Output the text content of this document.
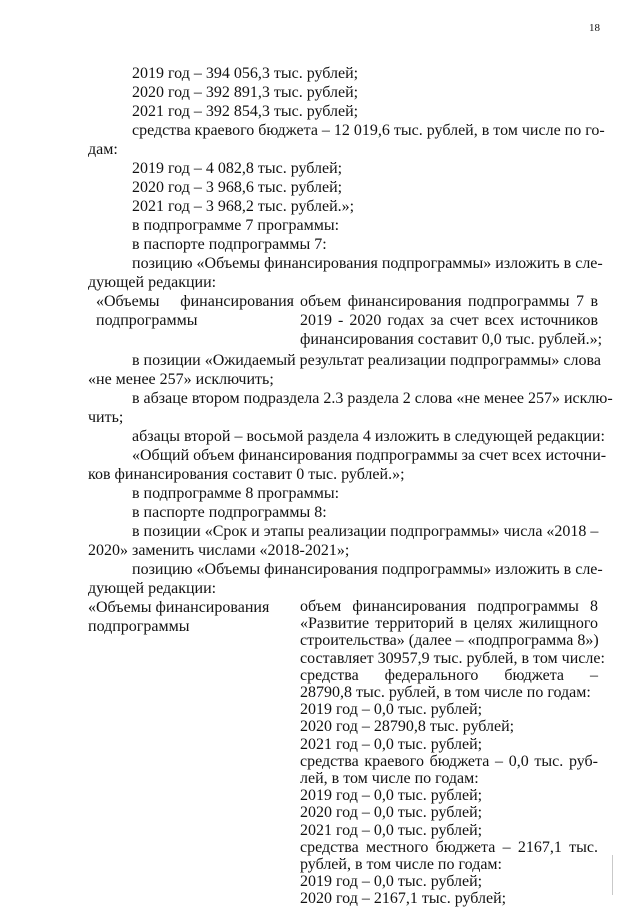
18
2019 год – 394 056,3 тыс. рублей;
2020 год – 392 891,3 тыс. рублей;
2021 год – 392 854,3 тыс. рублей;
средства краевого бюджета – 12 019,6 тыс. рублей, в том числе по го-
дам:
2019 год – 4 082,8 тыс. рублей;
2020 год – 3 968,6 тыс. рублей;
2021 год – 3 968,2 тыс. рублей.»;
в подпрограмме 7 программы:
в паспорте подпрограммы 7:
позицию «Объемы финансирования подпрограммы» изложить в сле-
дующей редакции:
«Объемы финансирования
подпрограммы
объем финансирования подпрограммы 7 в
2019 - 2020 годах за счет всех источников
финансирования составит 0,0 тыс. рублей.»;
в позиции «Ожидаемый результат реализации подпрограммы» слова
«не менее 257» исключить;
в абзаце втором подраздела 2.3 раздела 2 слова «не менее 257» исклю-
чить;
абзацы второй – восьмой раздела 4 изложить в следующей редакции:
«Общий объем финансирования подпрограммы за счет всех источни-
ков финансирования составит 0 тыс. рублей.»;
в подпрограмме 8 программы:
в паспорте подпрограммы 8:
в позиции «Срок и этапы реализации подпрограммы» числа «2018 –
2020» заменить числами «2018-2021»;
позицию «Объемы финансирования подпрограммы» изложить в сле-
дующей редакции:
«Объемы финансирования
подпрограммы
объем финансирования подпрограммы 8
«Развитие территорий в целях жилищного
строительства» (далее – «подпрограмма 8»)
составляет 30957,9 тыс. рублей, в том числе:
средства федерального бюджета –
28790,8 тыс. рублей, в том числе по годам:
2019 год – 0,0 тыс. рублей;
2020 год – 28790,8 тыс. рублей;
2021 год – 0,0 тыс. рублей;
средства краевого бюджета – 0,0 тыс. руб-
лей, в том числе по годам:
2019 год – 0,0 тыс. рублей;
2020 год – 0,0 тыс. рублей;
2021 год – 0,0 тыс. рублей;
средства местного бюджета – 2167,1 тыс.
рублей, в том числе по годам:
2019 год – 0,0 тыс. рублей;
2020 год – 2167,1 тыс. рублей;
